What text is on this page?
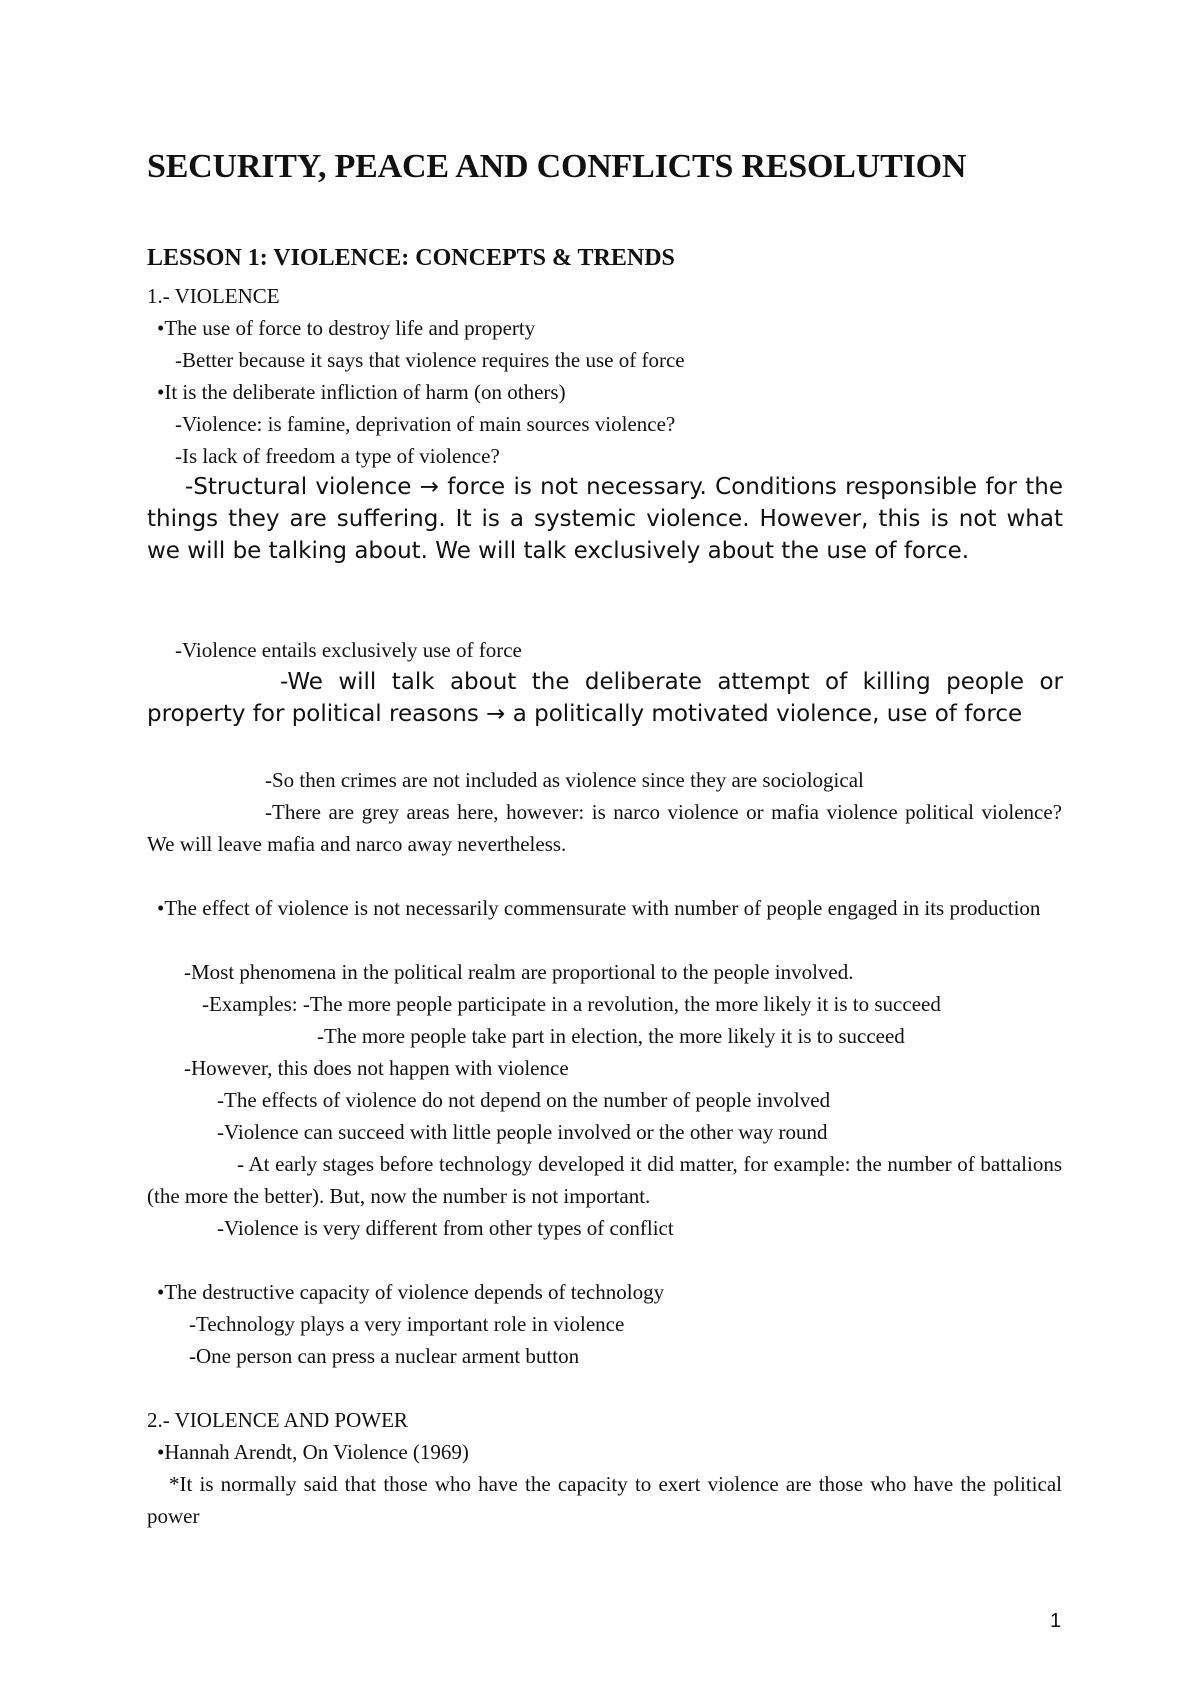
SECURITY, PEACE AND CONFLICTS RESOLUTION
LESSON 1: VIOLENCE: CONCEPTS & TRENDS
1.- VIOLENCE
•The use of force to destroy life and property
-Better because it says that violence requires the use of force
•It is the deliberate infliction of harm (on others)
-Violence: is famine, deprivation of main sources violence?
-Is lack of freedom a type of violence?
-Structural violence → force is not necessary. Conditions responsible for the things they are suffering. It is a systemic violence. However, this is not what we will be talking about. We will talk exclusively about the use of force.
-Violence entails exclusively use of force
-We will talk about the deliberate attempt of killing people or property for political reasons → a politically motivated violence, use of force
-So then crimes are not included as violence since they are sociological
-There are grey areas here, however: is narco violence or mafia violence political violence? We will leave mafia and narco away nevertheless.
•The effect of violence is not necessarily commensurate with number of people engaged in its production
-Most phenomena in the political realm are proportional to the people involved.
-Examples: -The more people participate in a revolution, the more likely it is to succeed
-The more people take part in election, the more likely it is to succeed
-However, this does not happen with violence
-The effects of violence do not depend on the number of people involved
-Violence can succeed with little people involved or the other way round
- At early stages before technology developed it did matter, for example: the number of battalions (the more the better). But, now the number is not important.
-Violence is very different from other types of conflict
•The destructive capacity of violence depends of technology
-Technology plays a very important role in violence
-One person can press a nuclear arment button
2.- VIOLENCE AND POWER
•Hannah Arendt, On Violence (1969)
*It is normally said that those who have the capacity to exert violence are those who have the political power
1
